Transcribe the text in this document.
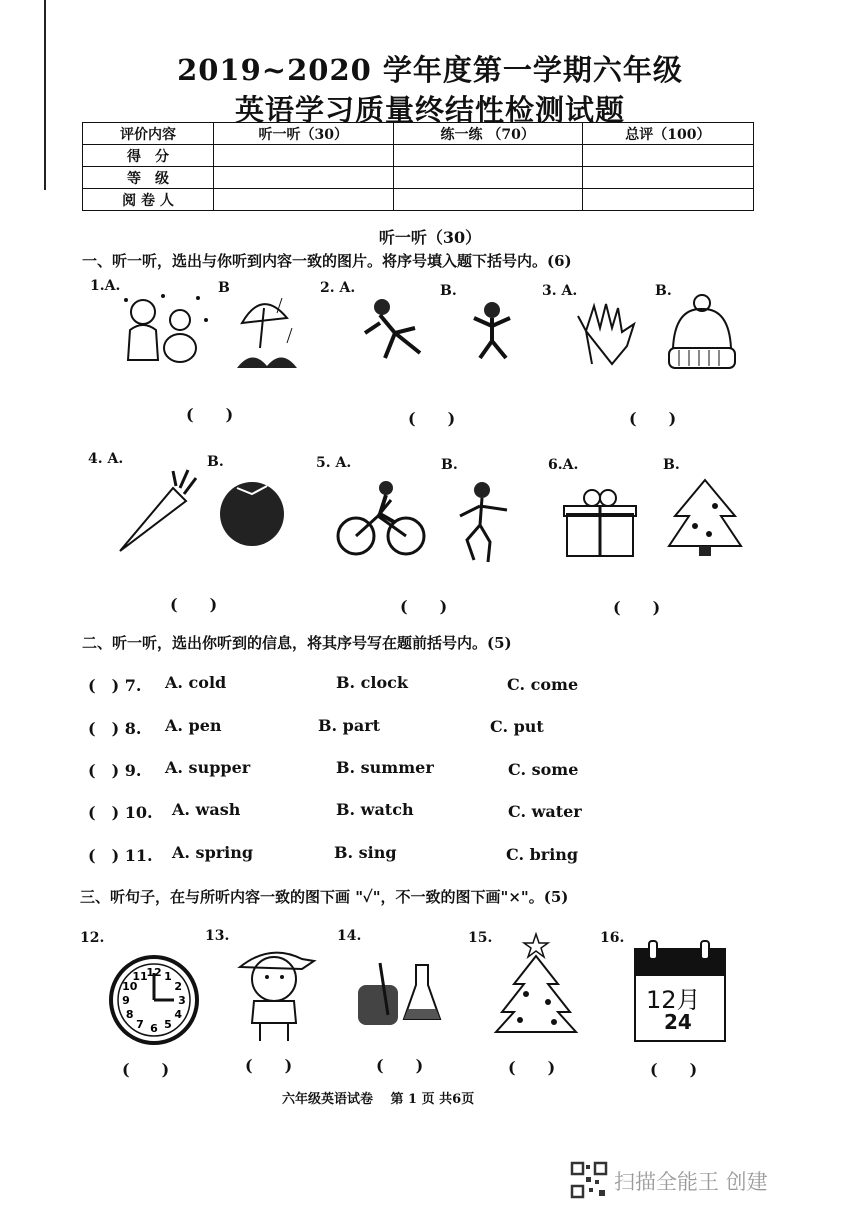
2019~2020 学年度第一学期六年级
英语学习质量终结性检测试题
评价内容	听一听（30）	练一练 （70）	总评（100）
得　分			
等　级			
阅 卷 人			
听一听（30）
一、听一听，选出与你听到内容一致的图片。将序号填入题下括号内。(6)
1.A.	B	2. A.	B.	3. A.	B.
(　　)	(　　)	(　　)
4. A.	B.	5. A.	B.	6.A.	B.
(　　)	(　　)	(　　)
二、听一听，选出你听到的信息，将其序号写在题前括号内。(5)
(　) 7. A. cold	B. clock	C. come
(　) 8. A. pen	B. part	C. put
(　) 9. A. supper	B. summer	C. some
(　) 10. A. wash	B. watch	C. water
(　) 11. A. spring	B. sing	C. bring
三、听句子，在与所听内容一致的图下画 "✓"，不一致的图下画"×"。(5)
12.	13.	14.	15.	16.
12 1
2
3
4
5
6
7
8
9
10
11
12月
24
(　　)	(　　)	(　　)	(　　)	(　　)
六年级英语试卷　 第 1 页 共6页
扫描全能王 创建
